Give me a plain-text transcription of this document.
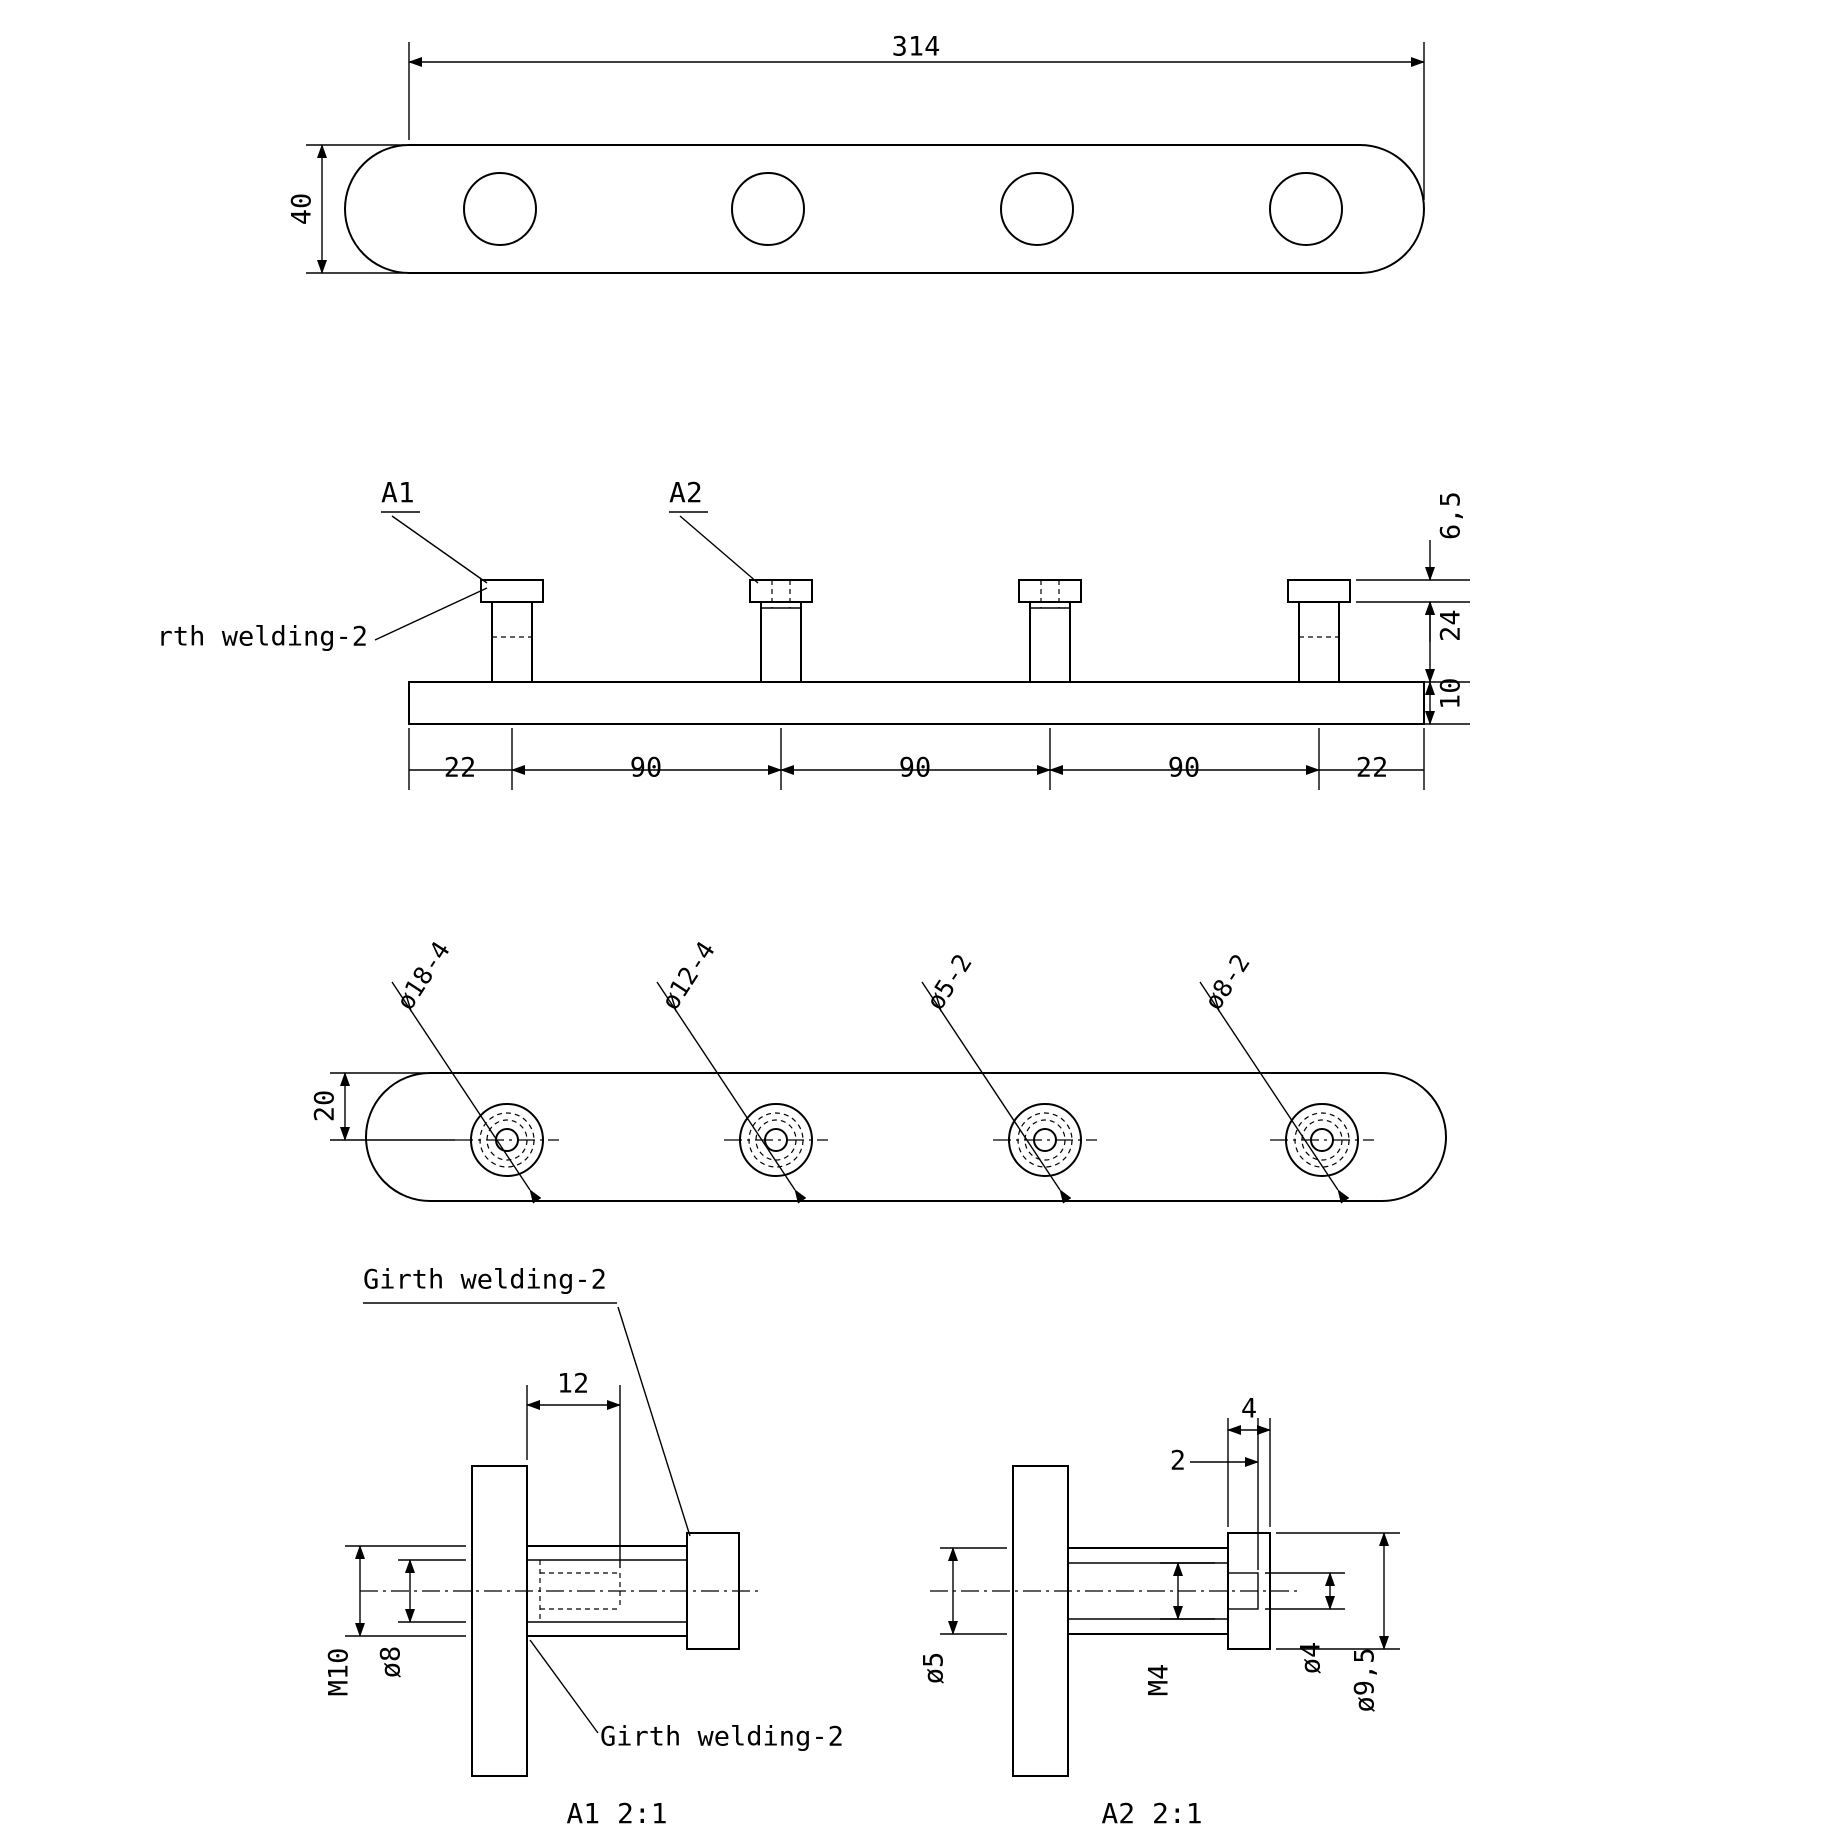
314
40
A1	A2
rth welding-2
6,5
24
10
22	90	90	90	22
ø18-4	ø12-4	ø5-2	ø8-2
20
12
Girth welding-2
Girth welding-2
M10 ø8
A1 2:1
4
2
ø5	M4
ø4 ø9,5
A2 2:1
